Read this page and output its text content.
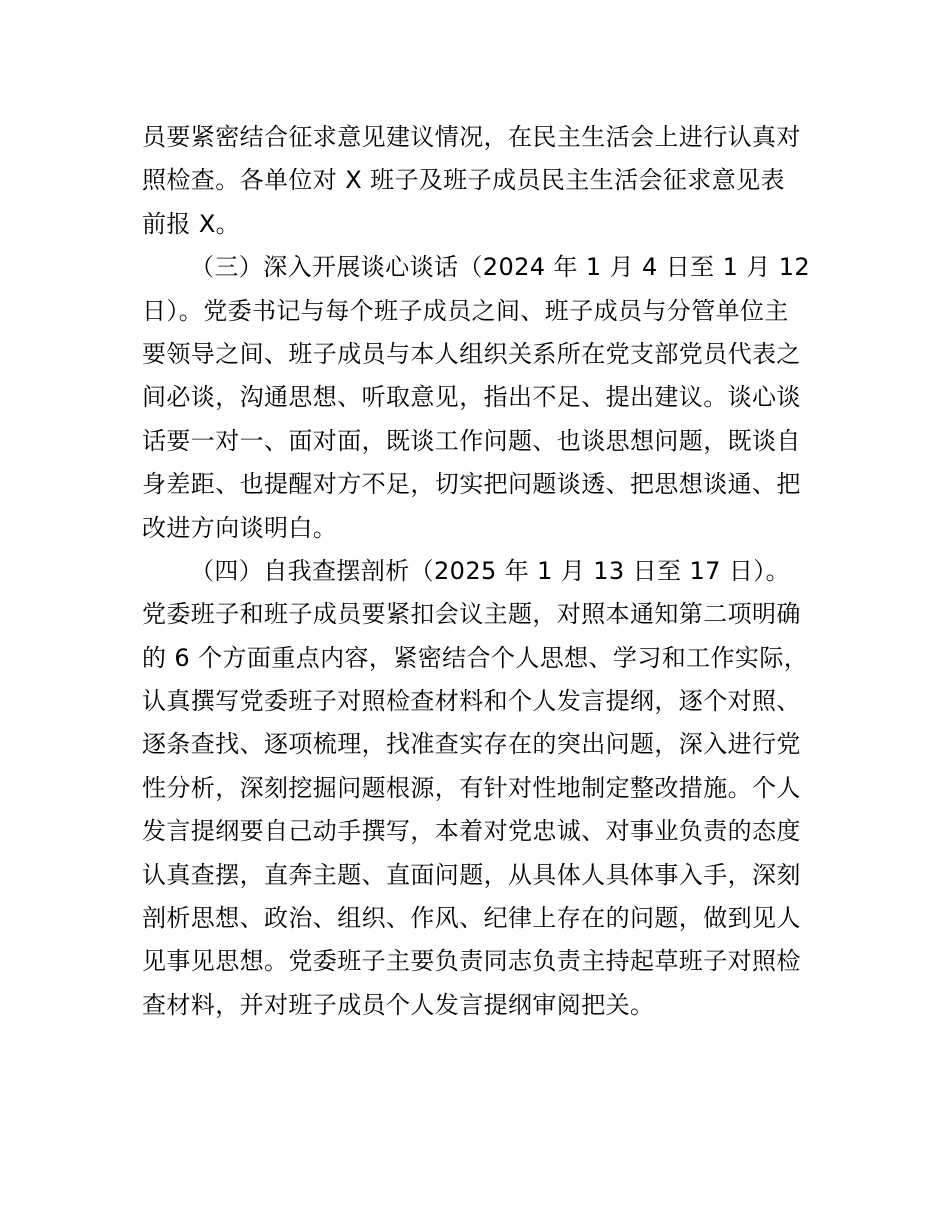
员要紧密结合征求意见建议情况，在民主生活会上进行认真对
照检查。各单位对 X 班子及班子成员民主生活会征求意见表
前报 X。
（三）深入开展谈心谈话（2024 年 1 月 4 日至 1 月 12
日）。党委书记与每个班子成员之间、班子成员与分管单位主
要领导之间、班子成员与本人组织关系所在党支部党员代表之
间必谈，沟通思想、听取意见，指出不足、提出建议。谈心谈
话要一对一、面对面，既谈工作问题、也谈思想问题，既谈自
身差距、也提醒对方不足，切实把问题谈透、把思想谈通、把
改进方向谈明白。
（四）自我查摆剖析（2025 年 1 月 13 日至 17 日）。
党委班子和班子成员要紧扣会议主题，对照本通知第二项明确
的 6 个方面重点内容，紧密结合个人思想、学习和工作实际，
认真撰写党委班子对照检查材料和个人发言提纲，逐个对照、
逐条查找、逐项梳理，找准查实存在的突出问题，深入进行党
性分析，深刻挖掘问题根源，有针对性地制定整改措施。个人
发言提纲要自己动手撰写，本着对党忠诚、对事业负责的态度
认真查摆，直奔主题、直面问题，从具体人具体事入手，深刻
剖析思想、政治、组织、作风、纪律上存在的问题，做到见人
见事见思想。党委班子主要负责同志负责主持起草班子对照检
查材料，并对班子成员个人发言提纲审阅把关。
